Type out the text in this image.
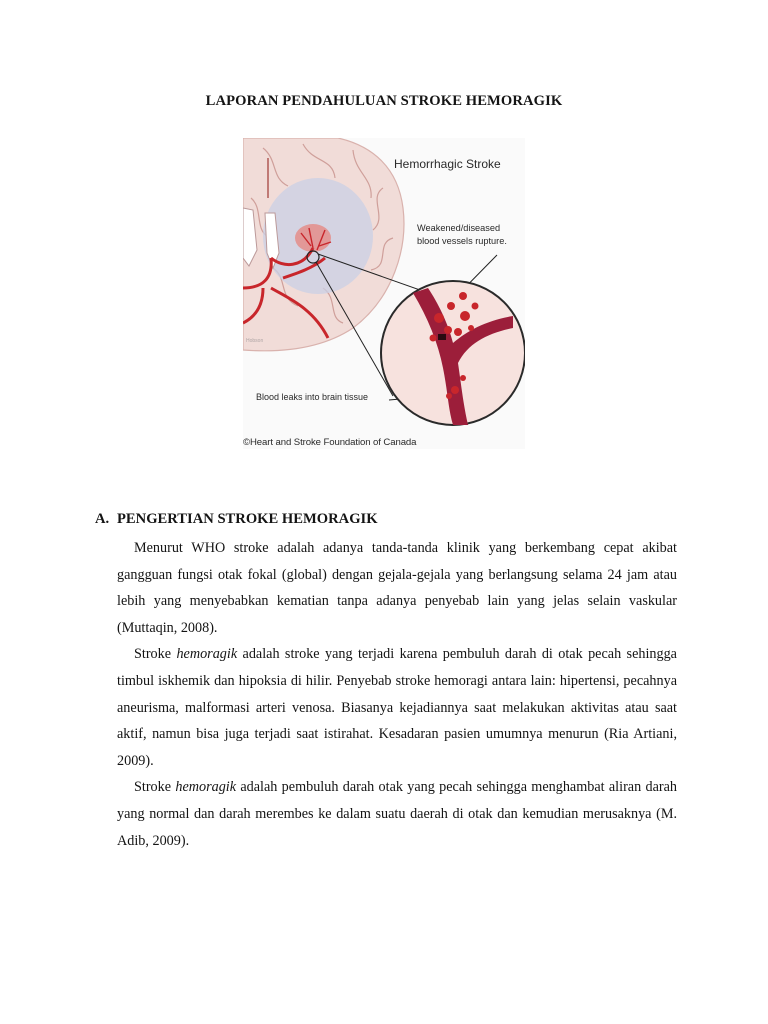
LAPORAN PENDAHULUAN STROKE HEMORAGIK
Hemorrhagic Stroke
Weakened/diseased
blood vessels rupture.
Blood leaks into brain tissue
Hobson
©Heart and Stroke Foundation of Canada
A. PENGERTIAN STROKE HEMORAGIK

Menurut WHO stroke adalah adanya tanda-tanda klinik yang berkembang cepat akibat gangguan fungsi otak fokal (global) dengan gejala-gejala yang berlangsung selama 24 jam atau lebih yang menyebabkan kematian tanpa adanya penyebab lain yang jelas selain vaskular (Muttaqin, 2008).

Stroke hemoragik adalah stroke yang terjadi karena pembuluh darah di otak pecah sehingga timbul iskhemik dan hipoksia di hilir. Penyebab stroke hemoragi antara lain: hipertensi, pecahnya aneurisma, malformasi arteri venosa. Biasanya kejadiannya saat melakukan aktivitas atau saat aktif, namun bisa juga terjadi saat istirahat. Kesadaran pasien umumnya menurun (Ria Artiani, 2009).

Stroke hemoragik adalah pembuluh darah otak yang pecah sehingga menghambat aliran darah yang normal dan darah merembes ke dalam suatu daerah di otak dan kemudian merusaknya (M. Adib, 2009).
